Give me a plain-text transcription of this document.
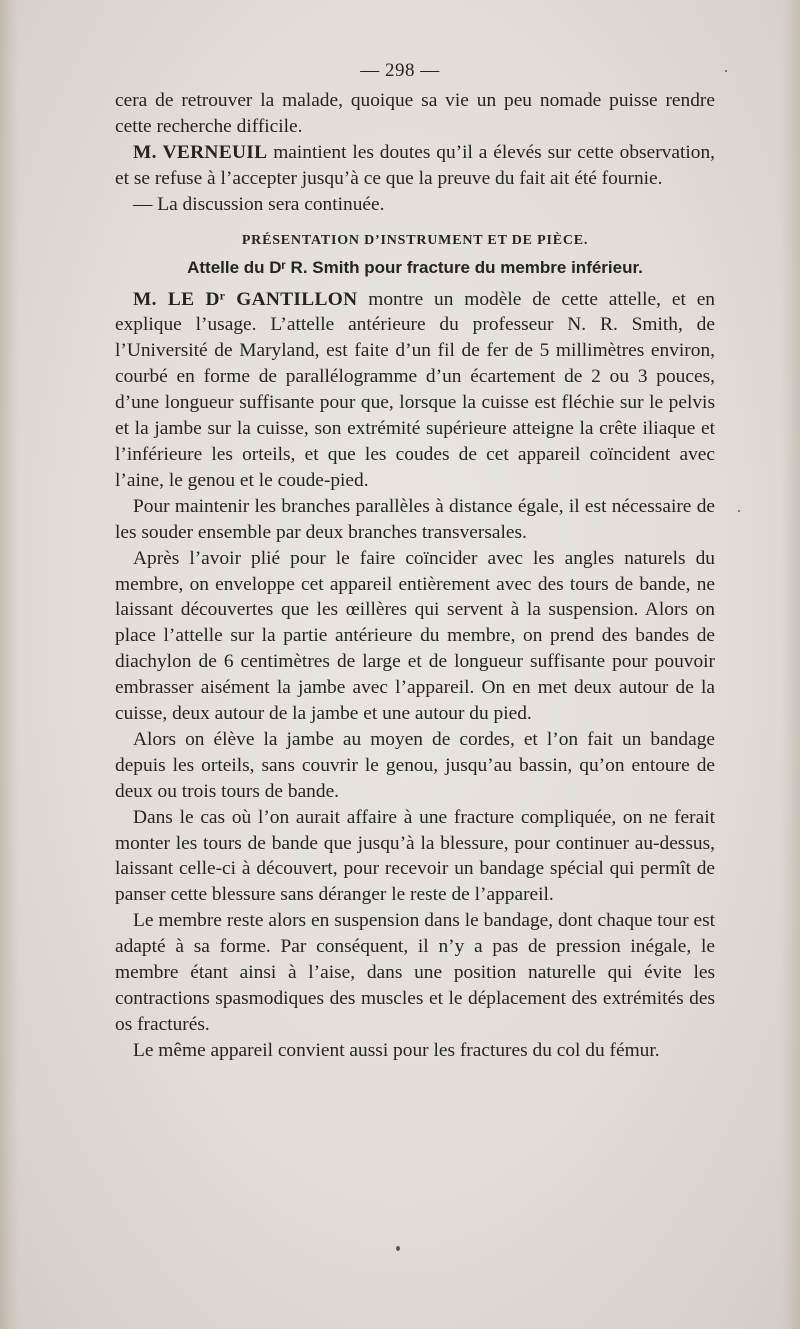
— 298 —

cera de retrouver la malade, quoique sa vie un peu nomade puisse rendre cette recherche difficile.

M. VERNEUIL maintient les doutes qu’il a élevés sur cette observation, et se refuse à l’accepter jusqu’à ce que la preuve du fait ait été fournie.

— La discussion sera continuée.

PRÉSENTATION D’INSTRUMENT ET DE PIÈCE.
Attelle du Dʳ R. Smith pour fracture du membre inférieur.

M. LE Dʳ GANTILLON montre un modèle de cette attelle, et en explique l’usage. L’attelle antérieure du professeur N. R. Smith, de l’Université de Maryland, est faite d’un fil de fer de 5 millimètres environ, courbé en forme de parallélogramme d’un écartement de 2 ou 3 pouces, d’une longueur suffisante pour que, lorsque la cuisse est fléchie sur le pelvis et la jambe sur la cuisse, son extrémité supérieure atteigne la crête iliaque et l’inférieure les orteils, et que les coudes de cet appareil coïncident avec l’aine, le genou et le coude-pied.

Pour maintenir les branches parallèles à distance égale, il est nécessaire de les souder ensemble par deux branches transversales.

Après l’avoir plié pour le faire coïncider avec les angles naturels du membre, on enveloppe cet appareil entièrement avec des tours de bande, ne laissant découvertes que les œillères qui servent à la suspension. Alors on place l’attelle sur la partie antérieure du membre, on prend des bandes de diachylon de 6 centimètres de large et de longueur suffisante pour pouvoir embrasser aisément la jambe avec l’appareil. On en met deux autour de la cuisse, deux autour de la jambe et une autour du pied.

Alors on élève la jambe au moyen de cordes, et l’on fait un bandage depuis les orteils, sans couvrir le genou, jusqu’au bassin, qu’on entoure de deux ou trois tours de bande.

Dans le cas où l’on aurait affaire à une fracture compliquée, on ne ferait monter les tours de bande que jusqu’à la blessure, pour continuer au-dessus, laissant celle-ci à découvert, pour recevoir un bandage spécial qui permît de panser cette blessure sans déranger le reste de l’appareil.

Le membre reste alors en suspension dans le bandage, dont chaque tour est adapté à sa forme. Par conséquent, il n’y a pas de pression inégale, le membre étant ainsi à l’aise, dans une position naturelle qui évite les contractions spasmodiques des muscles et le déplacement des extrémités des os fracturés.

Le même appareil convient aussi pour les fractures du col du fémur.
